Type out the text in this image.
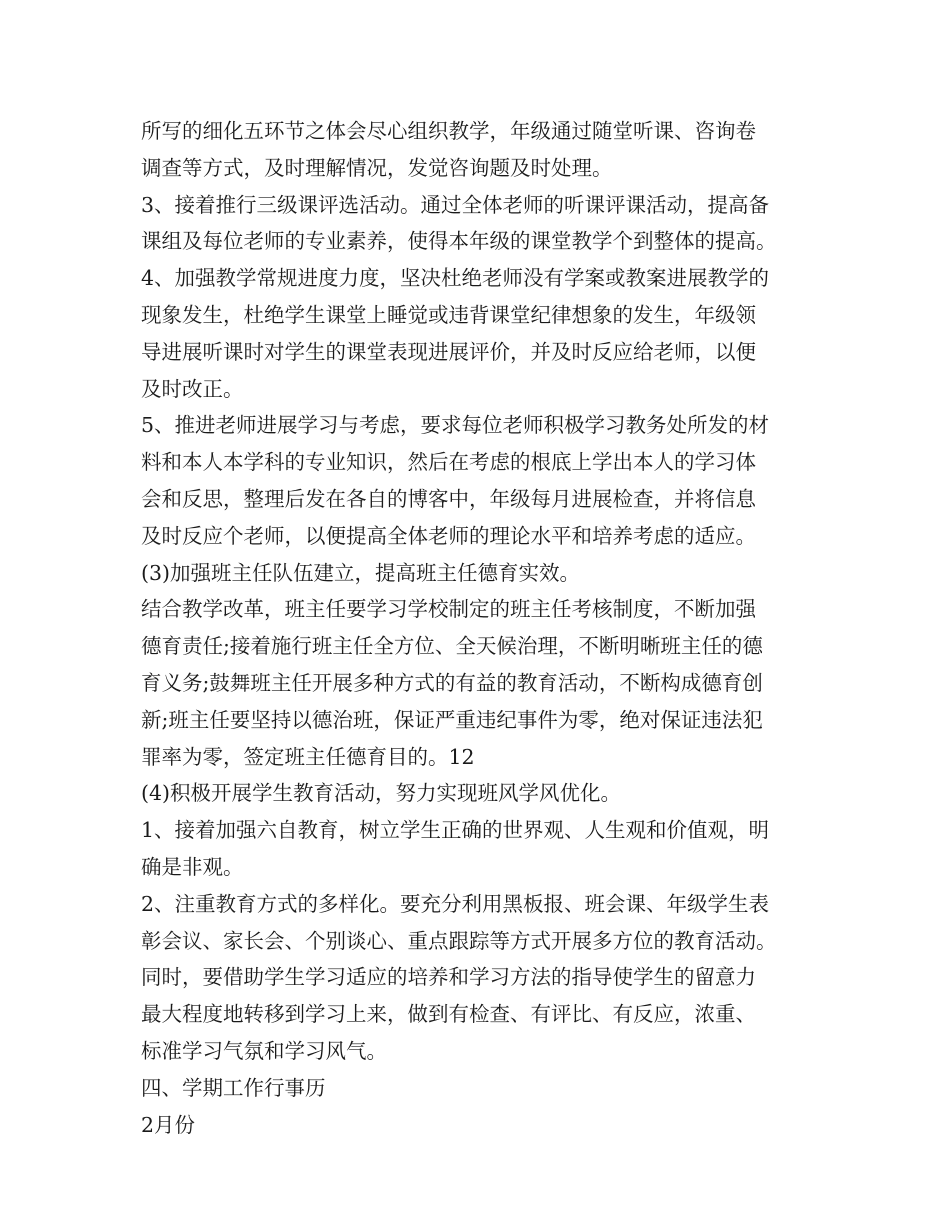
所写的细化五环节之体会尽心组织教学，年级通过随堂听课、咨询卷

调查等方式，及时理解情况，发觉咨询题及时处理。

3、接着推行三级课评选活动。通过全体老师的听课评课活动，提高备

课组及每位老师的专业素养，使得本年级的课堂教学个到整体的提高。

4、加强教学常规进度力度，坚决杜绝老师没有学案或教案进展教学的

现象发生，杜绝学生课堂上睡觉或违背课堂纪律想象的发生，年级领

导进展听课时对学生的课堂表现进展评价，并及时反应给老师，以便

及时改正。

5、推进老师进展学习与考虑，要求每位老师积极学习教务处所发的材

料和本人本学科的专业知识，然后在考虑的根底上学出本人的学习体

会和反思，整理后发在各自的博客中，年级每月进展检查，并将信息

及时反应个老师，以便提高全体老师的理论水平和培养考虑的适应。

(3)加强班主任队伍建立，提高班主任德育实效。

结合教学改革，班主任要学习学校制定的班主任考核制度，不断加强

德育责任;接着施行班主任全方位、全天候治理，不断明晰班主任的德

育义务;鼓舞班主任开展多种方式的有益的教育活动，不断构成德育创

新;班主任要坚持以德治班，保证严重违纪事件为零，绝对保证违法犯

罪率为零，签定班主任德育目的。12

(4)积极开展学生教育活动，努力实现班风学风优化。

1、接着加强六自教育，树立学生正确的世界观、人生观和价值观，明

确是非观。

2、注重教育方式的多样化。要充分利用黑板报、班会课、年级学生表

彰会议、家长会、个别谈心、重点跟踪等方式开展多方位的教育活动。

同时，要借助学生学习适应的培养和学习方法的指导使学生的留意力

最大程度地转移到学习上来，做到有检查、有评比、有反应，浓重、

标准学习气氛和学习风气。

四、学期工作行事历

2月份
